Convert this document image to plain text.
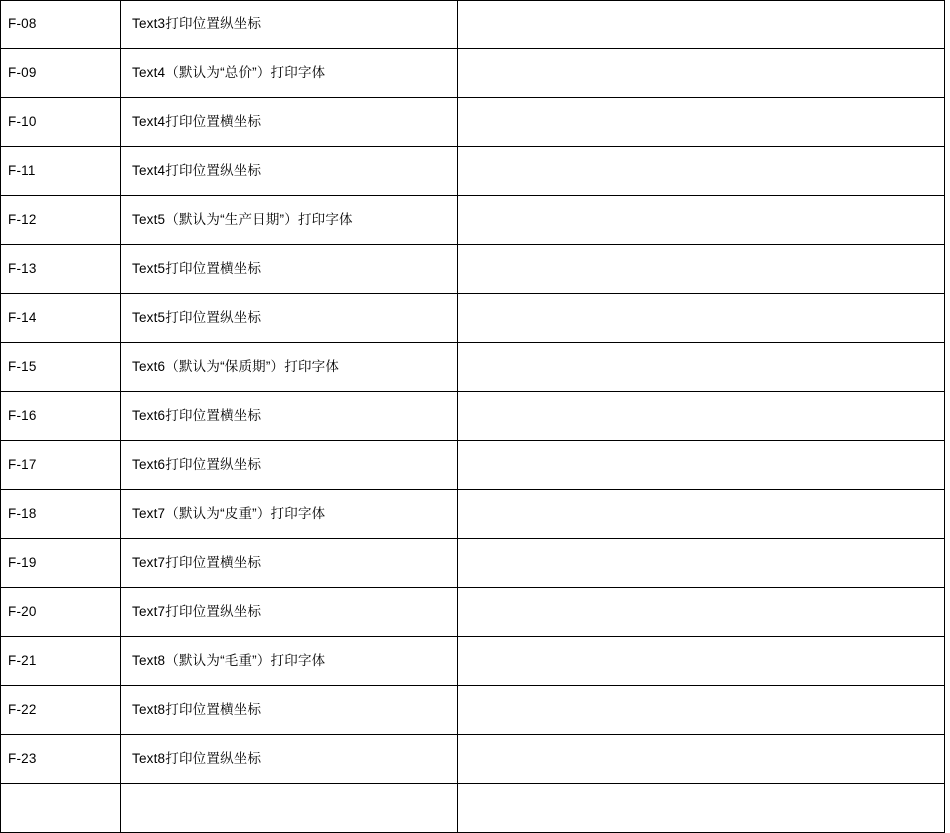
F-08	Text3打印位置纵坐标	
F-09	Text4（默认为“总价”）打印字体	
F-10	Text4打印位置横坐标	
F-11	Text4打印位置纵坐标	
F-12	Text5（默认为“生产日期”）打印字体	
F-13	Text5打印位置横坐标	
F-14	Text5打印位置纵坐标	
F-15	Text6（默认为“保质期”）打印字体	
F-16	Text6打印位置横坐标	
F-17	Text6打印位置纵坐标	
F-18	Text7（默认为“皮重”）打印字体	
F-19	Text7打印位置横坐标	
F-20	Text7打印位置纵坐标	
F-21	Text8（默认为“毛重”）打印字体	
F-22	Text8打印位置横坐标	
F-23	Text8打印位置纵坐标	
